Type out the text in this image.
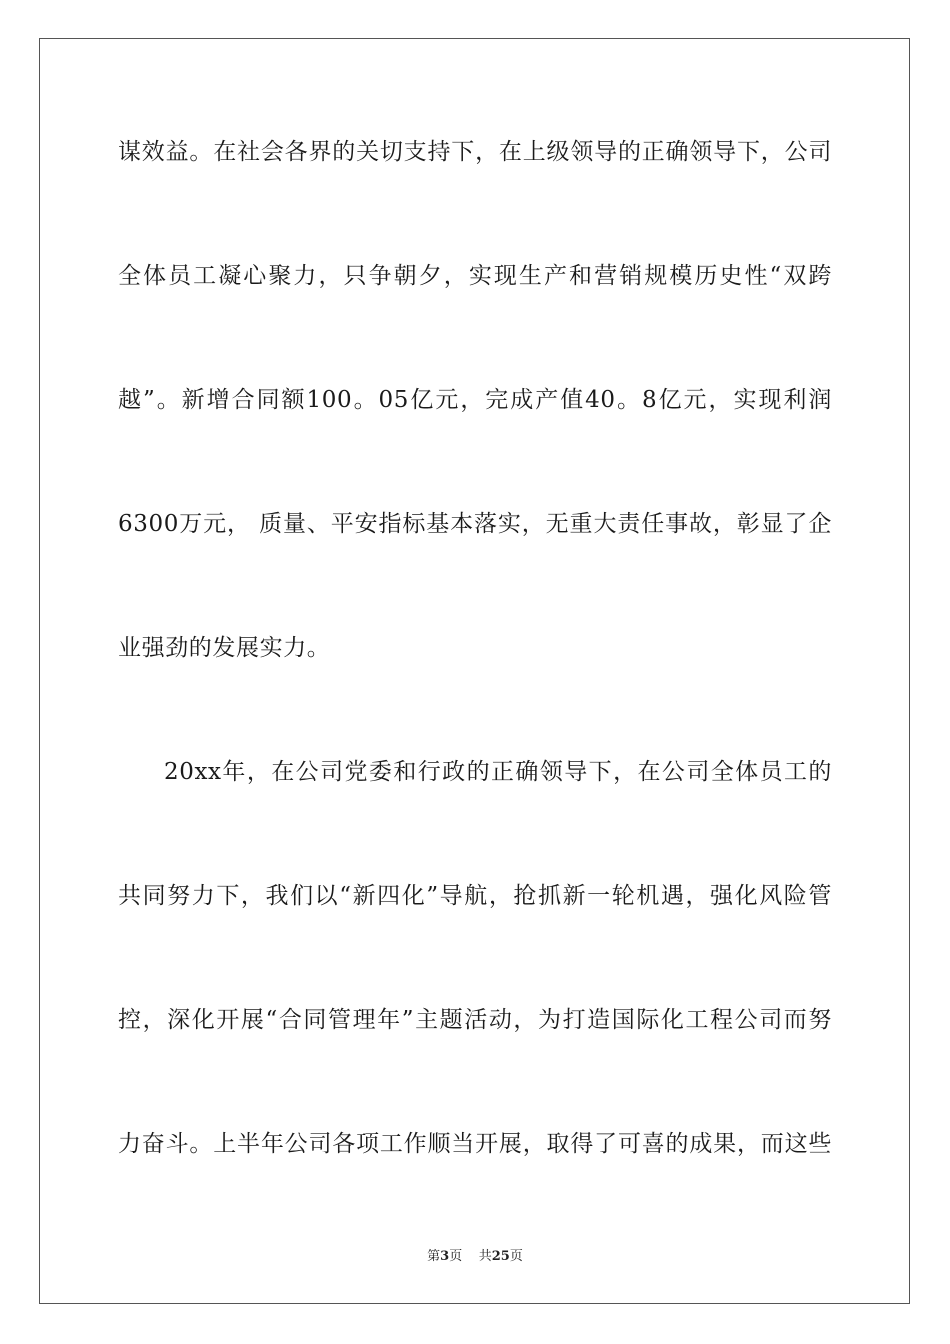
谋效益。在社会各界的关切支持下，在上级领导的正确领导下，公司
全体员工凝心聚力，只争朝夕，实现生产和营销规模历史性“双跨
越”。新增合同额100。05亿元，完成产值40。8亿元，实现利润
6300万元， 质量、平安指标基本落实，无重大责任事故，彰显了企
业强劲的发展实力。
20xx年，在公司党委和行政的正确领导下，在公司全体员工的
共同努力下，我们以“新四化”导航，抢抓新一轮机遇，强化风险管
控，深化开展“合同管理年”主题活动，为打造国际化工程公司而努
力奋斗。上半年公司各项工作顺当开展，取得了可喜的成果，而这些
第3页 共25页
